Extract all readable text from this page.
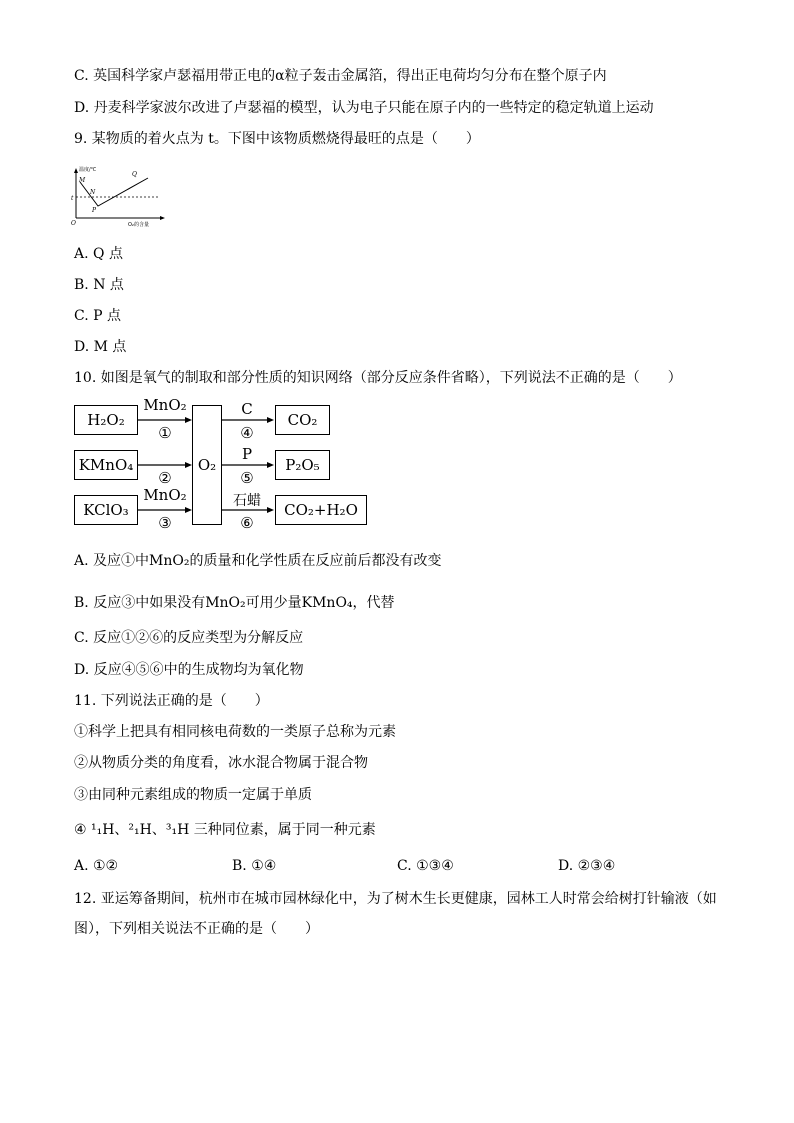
C. 英国科学家卢瑟福用带正电的α粒子轰击金属箔，得出正电荷均匀分布在整个原子内
D. 丹麦科学家波尔改进了卢瑟福的模型，认为电子只能在原子内的一些特定的稳定轨道上运动
9. 某物质的着火点为 t。下图中该物质燃烧得最旺的点是（　　）
温度/℃
M
N
P
Q
t
O	O₂的含量
A. Q 点
B. N 点
C. P 点
D. M 点
10. 如图是氧气的制取和部分性质的知识网络（部分反应条件省略），下列说法不正确的是（　　）
H₂O₂
KMnO₄
KClO₃
O₂
CO₂
P₂O₅
CO₂+H₂O
MnO₂
①
②
MnO₂
③
C
④
P
⑤
石蜡
⑥
A. 及应①中MnO₂的质量和化学性质在反应前后都没有改变
B. 反应③中如果没有MnO₂可用少量KMnO₄，代替
C. 反应①②⑥的反应类型为分解反应
D. 反应④⑤⑥中的生成物均为氧化物
11. 下列说法正确的是（　　）
①科学上把具有相同核电荷数的一类原子总称为元素
②从物质分类的角度看，冰水混合物属于混合物
③由同种元素组成的物质一定属于单质
④ ¹₁H、²₁H、³₁H 三种同位素，属于同一种元素
A. ①②	B. ①④	C. ①③④	D. ②③④
12. 亚运筹备期间，杭州市在城市园林绿化中，为了树木生长更健康，园林工人时常会给树打针输液（如图），下列相关说法不正确的是（　　）
